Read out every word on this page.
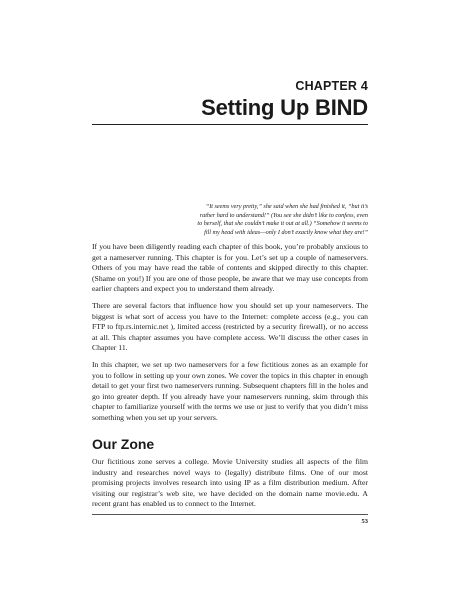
CHAPTER 4
Setting Up BIND
“It seems very pretty,” she said when she had finished it, “but it’s rather hard to understand!” (You see she didn’t like to confess, even to herself, that she couldn’t make it out at all.) “Somehow it seems to fill my head with ideas—only I don’t exactly know what they are!”

If you have been diligently reading each chapter of this book, you’re probably anxious to get a nameserver running. This chapter is for you. Let’s set up a couple of nameservers. Others of you may have read the table of contents and skipped directly to this chapter. (Shame on you!) If you are one of those people, be aware that we may use concepts from earlier chapters and expect you to understand them already.

There are several factors that influence how you should set up your nameservers. The biggest is what sort of access you have to the Internet: complete access (e.g., you can FTP to ftp.rs.internic.net ), limited access (restricted by a security firewall), or no access at all. This chapter assumes you have complete access. We’ll discuss the other cases in Chapter 11.

In this chapter, we set up two nameservers for a few fictitious zones as an example for you to follow in setting up your own zones. We cover the topics in this chapter in enough detail to get your first two nameservers running. Subsequent chapters fill in the holes and go into greater depth. If you already have your nameservers running, skim through this chapter to familiarize yourself with the terms we use or just to verify that you didn’t miss something when you set up your servers.

Our Zone

Our fictitious zone serves a college. Movie University studies all aspects of the film industry and researches novel ways to (legally) distribute films. One of our most promising projects involves research into using IP as a film distribution medium. After visiting our registrar’s web site, we have decided on the domain name movie.edu. A recent grant has enabled us to connect to the Internet.

53
